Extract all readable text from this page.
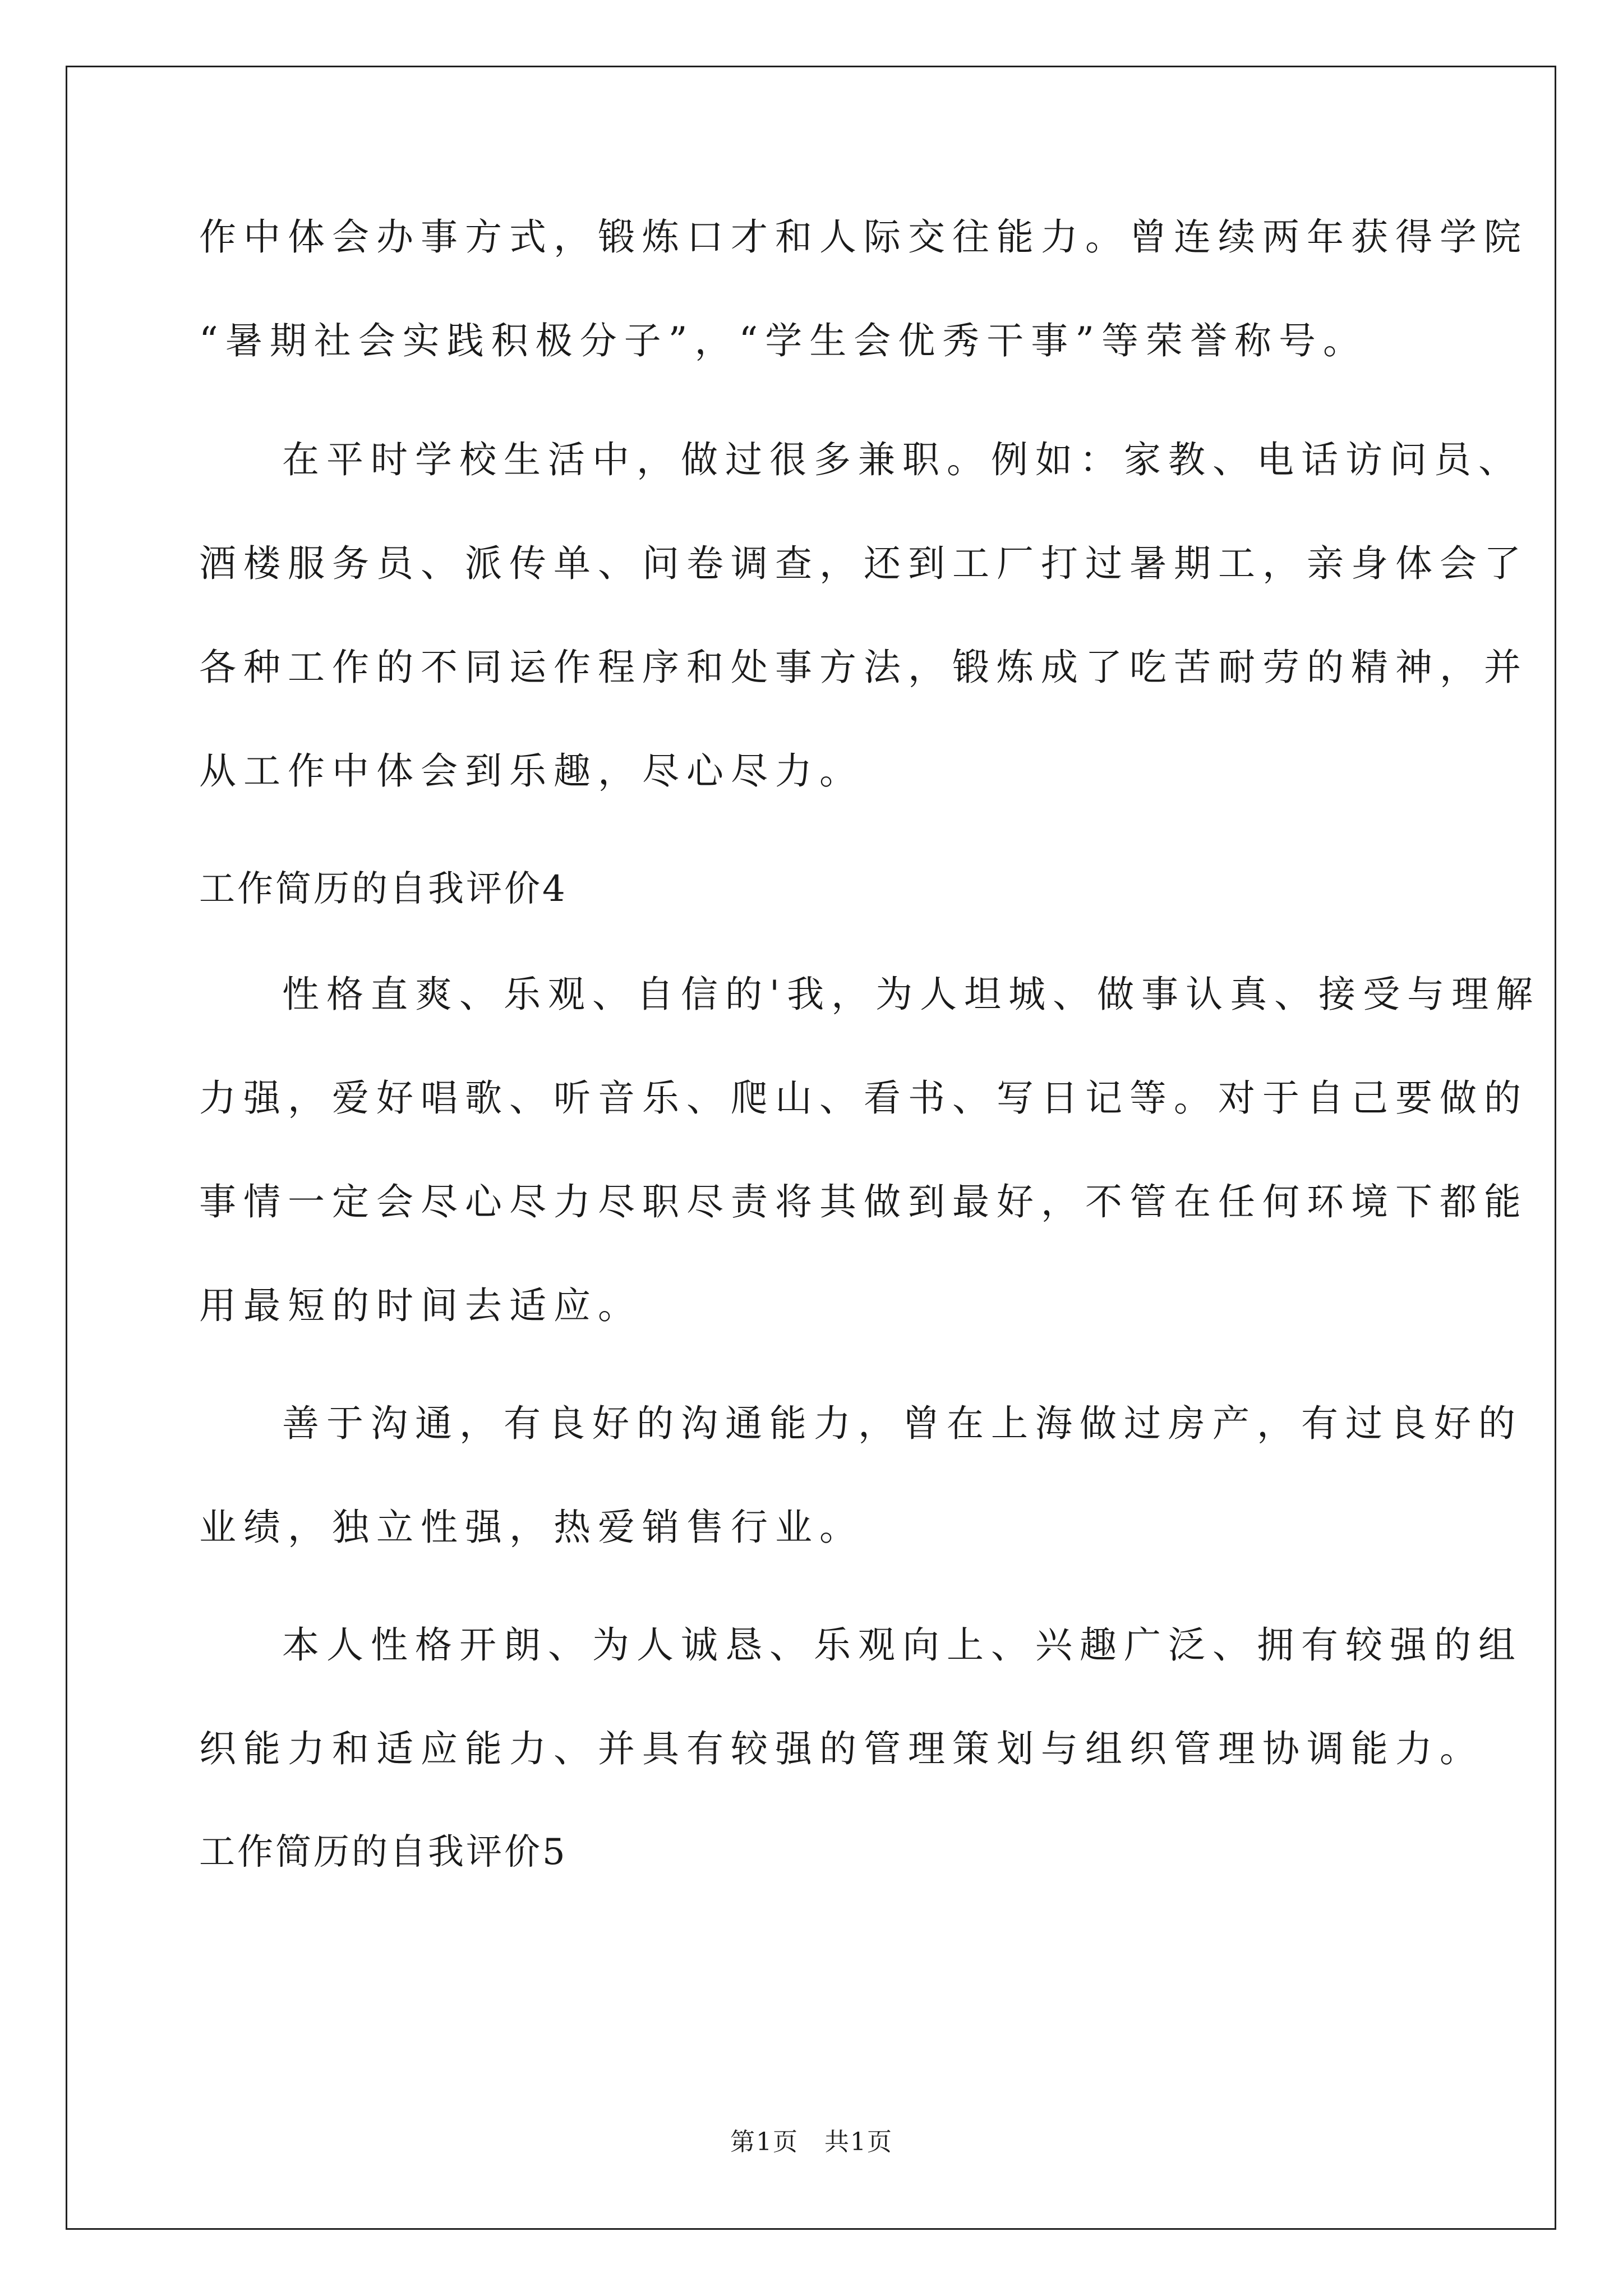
作中体会办事方式，锻炼口才和人际交往能力。曾连续两年获得学院
“暑期社会实践积极分子”，“学生会优秀干事”等荣誉称号。
在平时学校生活中，做过很多兼职。例如：家教、电话访问员、
酒楼服务员、派传单、问卷调查，还到工厂打过暑期工，亲身体会了
各种工作的不同运作程序和处事方法，锻炼成了吃苦耐劳的精神，并
从工作中体会到乐趣，尽心尽力。
工作简历的自我评价4
性格直爽、乐观、自信的'我，为人坦城、做事认真、接受与理解
力强，爱好唱歌、听音乐、爬山、看书、写日记等。对于自己要做的
事情一定会尽心尽力尽职尽责将其做到最好，不管在任何环境下都能
用最短的时间去适应。
善于沟通，有良好的沟通能力，曾在上海做过房产，有过良好的
业绩，独立性强，热爱销售行业。
本人性格开朗、为人诚恳、乐观向上、兴趣广泛、拥有较强的组
织能力和适应能力、并具有较强的管理策划与组织管理协调能力。
工作简历的自我评价5
第1页　共1页
